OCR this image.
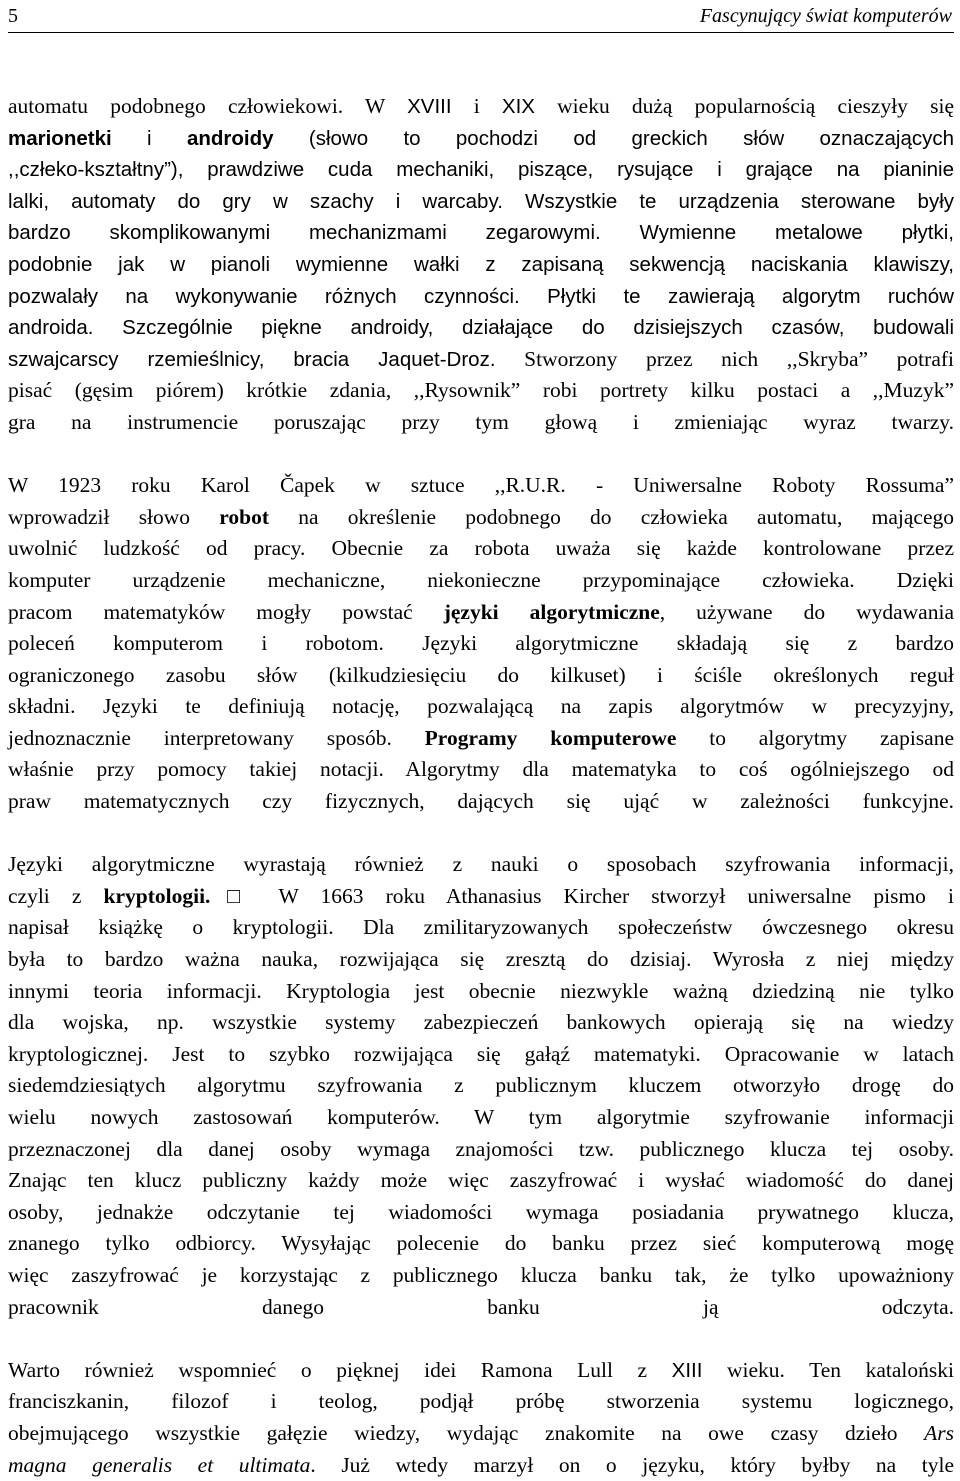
5	Fascynujący świat komputerów
automatu podobnego człowiekowi. W XVIII i XIX wieku dużą popularnością cieszyły się
marionetki i androidy (słowo to pochodzi od greckich słów oznaczających
,,człeko-kształtny”), prawdziwe cuda mechaniki, piszące, rysujące i grające na pianinie
lalki, automaty do gry w szachy i warcaby. Wszystkie te urządzenia sterowane były
bardzo skomplikowanymi mechanizmami zegarowymi. Wymienne metalowe płytki,
podobnie jak w pianoli wymienne wałki z zapisaną sekwencją naciskania klawiszy,
pozwalały na wykonywanie różnych czynności. Płytki te zawierają algorytm ruchów
androida. Szczególnie piękne androidy, działające do dzisiejszych czasów, budowali
szwajcarscy rzemieślnicy, bracia Jaquet-Droz. Stworzony przez nich ,,Skryba” potrafi
pisać (gęsim piórem) krótkie zdania, ,,Rysownik” robi portrety kilku postaci a ,,Muzyk”
gra na instrumencie poruszając przy tym głową i zmieniając wyraz twarzy.
W 1923 roku Karol Čapek w sztuce ,,R.U.R. - Uniwersalne Roboty Rossuma”
wprowadził słowo robot na określenie podobnego do człowieka automatu, mającego
uwolnić ludzkość od pracy. Obecnie za robota uważa się każde kontrolowane przez
komputer urządzenie mechaniczne, niekonieczne przypominające człowieka. Dzięki
pracom matematyków mogły powstać języki algorytmiczne, używane do wydawania
poleceń komputerom i robotom. Języki algorytmiczne składają się z bardzo
ograniczonego zasobu słów (kilkudziesięciu do kilkuset) i ściśle określonych reguł
składni. Języki te definiują notację, pozwalającą na zapis algorytmów w precyzyjny,
jednoznacznie interpretowany sposób. Programy komputerowe to algorytmy zapisane
właśnie przy pomocy takiej notacji. Algorytmy dla matematyka to coś ogólniejszego od
praw matematycznych czy fizycznych, dających się ująć w zależności funkcyjne.
Języki algorytmiczne wyrastają również z nauki o sposobach szyfrowania informacji,
czyli z kryptologii.□ W 1663 roku Athanasius Kircher stworzył uniwersalne pismo i
napisał książkę o kryptologii. Dla zmilitaryzowanych społeczeństw ówczesnego okresu
była to bardzo ważna nauka, rozwijająca się zresztą do dzisiaj. Wyrosła z niej między
innymi teoria informacji. Kryptologia jest obecnie niezwykle ważną dziedziną nie tylko
dla wojska, np. wszystkie systemy zabezpieczeń bankowych opierają się na wiedzy
kryptologicznej. Jest to szybko rozwijająca się gałąź matematyki. Opracowanie w latach
siedemdziesiątych algorytmu szyfrowania z publicznym kluczem otworzyło drogę do
wielu nowych zastosowań komputerów. W tym algorytmie szyfrowanie informacji
przeznaczonej dla danej osoby wymaga znajomości tzw. publicznego klucza tej osoby.
Znając ten klucz publiczny każdy może więc zaszyfrować i wysłać wiadomość do danej
osoby, jednakże odczytanie tej wiadomości wymaga posiadania prywatnego klucza,
znanego tylko odbiorcy. Wysyłając polecenie do banku przez sieć komputerową mogę
więc zaszyfrować je korzystając z publicznego klucza banku tak, że tylko upoważniony
pracownik danego banku ją odczyta.
Warto również wspomnieć o pięknej idei Ramona Lull z XIII wieku. Ten kataloński
franciszkanin, filozof i teolog, podjął próbę stworzenia systemu logicznego,
obejmującego wszystkie gałęzie wiedzy, wydając znakomite na owe czasy dzieło Ars
magna generalis et ultimata. Już wtedy marzył on o języku, który byłby na tyle
